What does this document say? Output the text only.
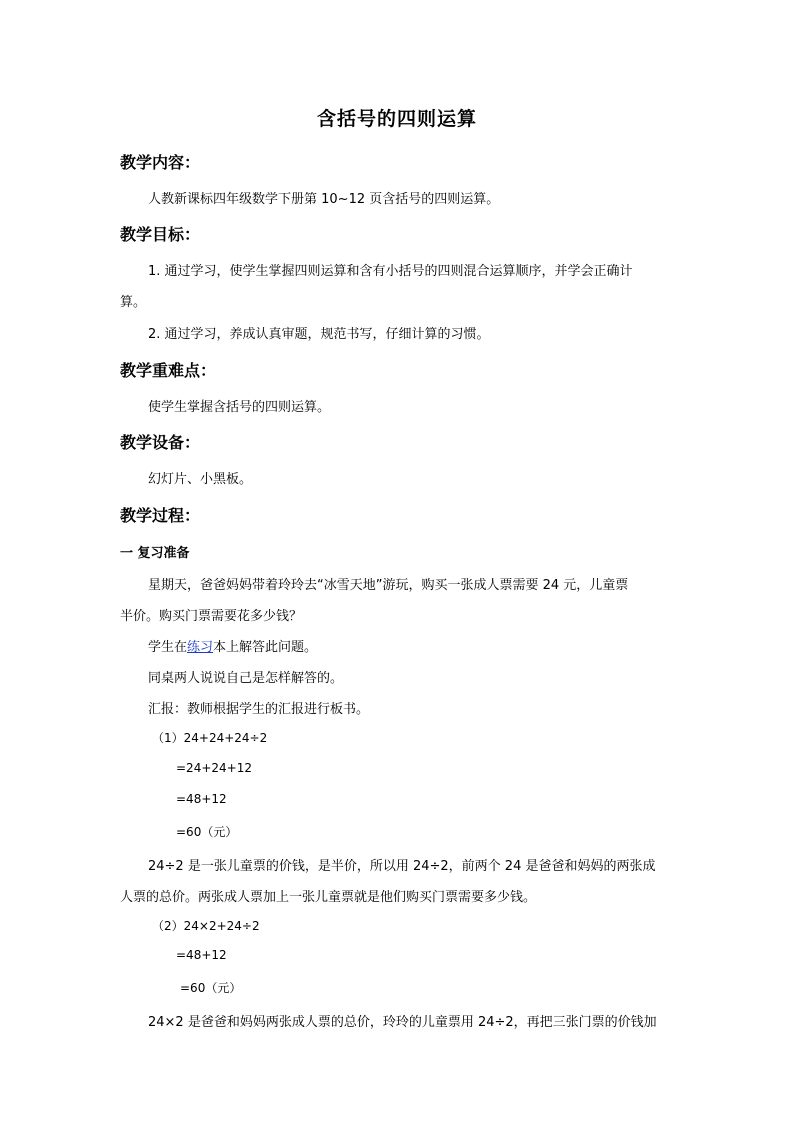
含括号的四则运算
教学内容：
人教新课标四年级数学下册第 10~12 页含括号的四则运算。
教学目标：
1. 通过学习，使学生掌握四则运算和含有小括号的四则混合运算顺序，并学会正确计
算。
2. 通过学习，养成认真审题，规范书写，仔细计算的习惯。
教学重难点：
使学生掌握含括号的四则运算。
教学设备：
幻灯片、小黑板。
教学过程：
一 复习准备
星期天，爸爸妈妈带着玲玲去“冰雪天地”游玩，购买一张成人票需要 24 元，儿童票
半价。购买门票需要花多少钱？
学生在练习本上解答此问题。
同桌两人说说自己是怎样解答的。
汇报：教师根据学生的汇报进行板书。
（1）24+24+24÷2
=24+24+12
=48+12
=60（元）
24÷2 是一张儿童票的价钱，是半价，所以用 24÷2，前两个 24 是爸爸和妈妈的两张成
人票的总价。两张成人票加上一张儿童票就是他们购买门票需要多少钱。
（2）24×2+24÷2
=48+12
=60（元）
24×2 是爸爸和妈妈两张成人票的总价，玲玲的儿童票用 24÷2，再把三张门票的价钱加
